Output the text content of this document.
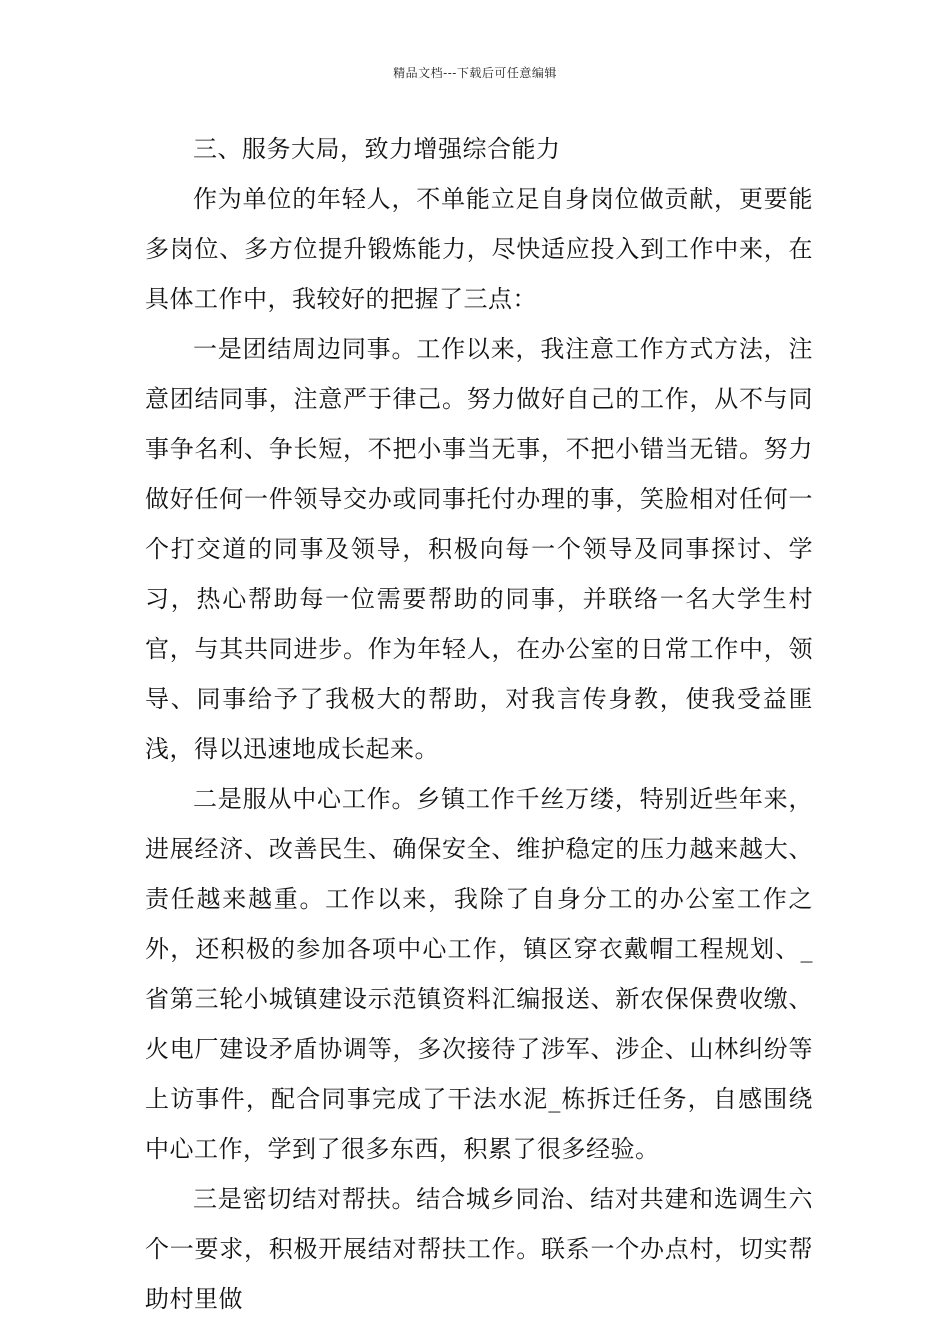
精品文档---下载后可任意编辑

三、服务大局，致力增强综合能力

作为单位的年轻人，不单能立足自身岗位做贡献，更要能多岗位、多方位提升锻炼能力，尽快适应投入到工作中来，在具体工作中，我较好的把握了三点：

一是团结周边同事。工作以来，我注意工作方式方法，注意团结同事，注意严于律己。努力做好自己的工作，从不与同事争名利、争长短，不把小事当无事，不把小错当无错。努力做好任何一件领导交办或同事托付办理的事，笑脸相对任何一个打交道的同事及领导，积极向每一个领导及同事探讨、学习，热心帮助每一位需要帮助的同事，并联络一名大学生村官，与其共同进步。作为年轻人，在办公室的日常工作中，领导、同事给予了我极大的帮助，对我言传身教，使我受益匪浅，得以迅速地成长起来。

二是服从中心工作。乡镇工作千丝万缕，特别近些年来，进展经济、改善民生、确保安全、维护稳定的压力越来越大、责任越来越重。工作以来，我除了自身分工的办公室工作之外，还积极的参加各项中心工作，镇区穿衣戴帽工程规划、_省第三轮小城镇建设示范镇资料汇编报送、新农保保费收缴、火电厂建设矛盾协调等，多次接待了涉军、涉企、山林纠纷等上访事件，配合同事完成了干法水泥_栋拆迁任务，自感围绕中心工作，学到了很多东西，积累了很多经验。

三是密切结对帮扶。结合城乡同治、结对共建和选调生六个一要求，积极开展结对帮扶工作。联系一个办点村，切实帮助村里做
